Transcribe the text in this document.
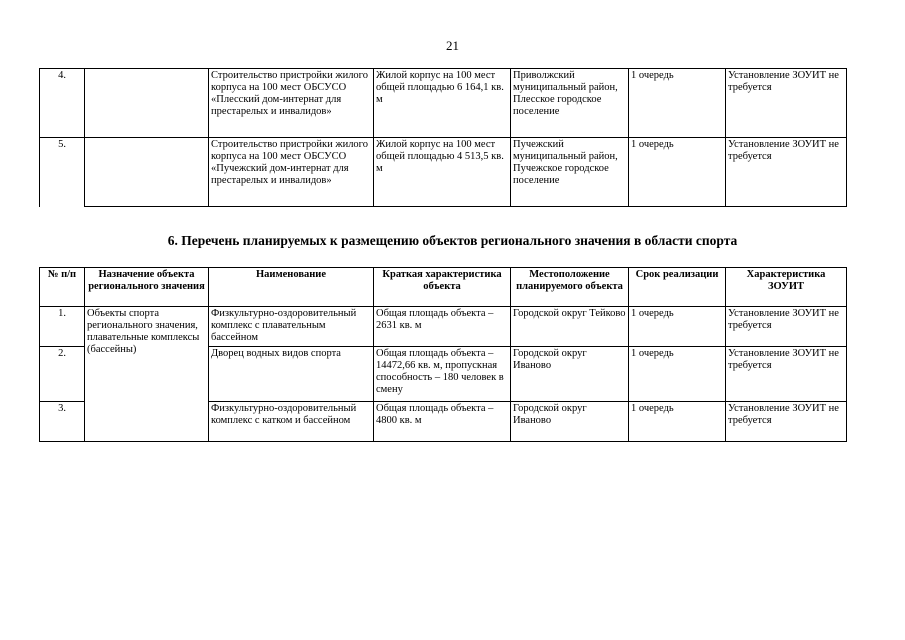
21
4.		Строительство пристройки жилого корпуса на 100 мест ОБСУСО «Плесский дом-интернат для престарелых и инвалидов»	Жилой корпус на 100 мест общей площадью 6 164,1 кв. м	Приволжский муниципальный район, Плесское городское поселение	1 очередь	Установление ЗОУИТ не требуется
5.		Строительство пристройки жилого корпуса на 100 мест ОБСУСО «Пучежский дом-интернат для престарелых и инвалидов»	Жилой корпус на 100 мест общей площадью 4 513,5 кв. м	Пучежский муниципальный район, Пучежское городское поселение	1 очередь	Установление ЗОУИТ не требуется
6. Перечень планируемых к размещению объектов регионального значения в области спорта
№ п/п	Назначение объекта регионального значения	Наименование	Краткая характеристика объекта	Местоположение планируемого объекта	Срок реализации	Характеристика ЗОУИТ
1.	Объекты спорта регионального значения, плавательные комплексы (бассейны)	Физкультурно-оздоровительный комплекс с плавательным бассейном	Общая площадь объекта – 2631 кв. м	Городской округ Тейково	1 очередь	Установление ЗОУИТ не требуется
2.		Дворец водных видов спорта	Общая площадь объекта – 14472,66 кв. м, пропускная способность – 180 человек в смену	Городской округ Иваново	1 очередь	Установление ЗОУИТ не требуется
3.		Физкультурно-оздоровительный комплекс с катком и бассейном	Общая площадь объекта – 4800 кв. м	Городской округ Иваново	1 очередь	Установление ЗОУИТ не требуется
